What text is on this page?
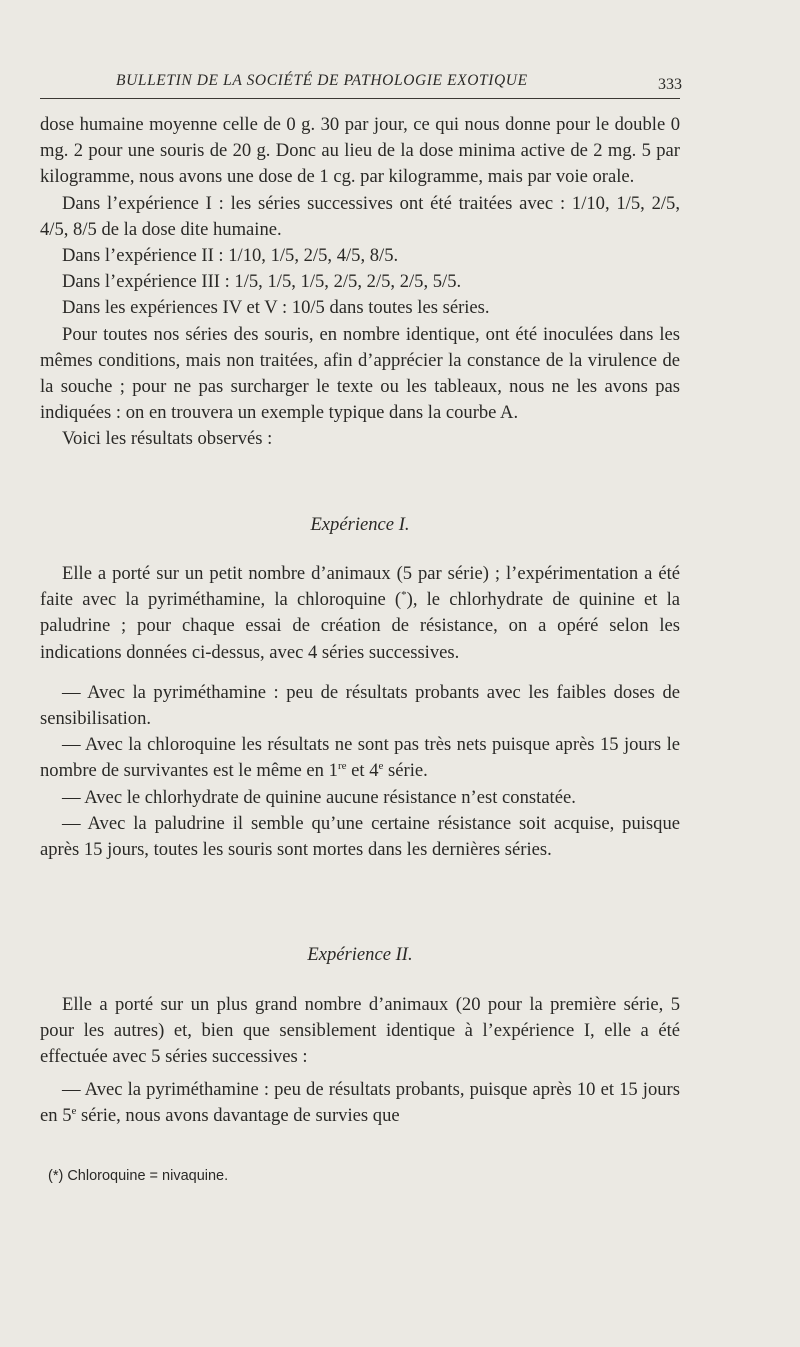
BULLETIN DE LA SOCIÉTÉ DE PATHOLOGIE EXOTIQUE	333

dose humaine moyenne celle de 0 g. 30 par jour, ce qui nous donne pour le double 0 mg. 2 pour une souris de 20 g. Donc au lieu de la dose minima active de 2 mg. 5 par kilogramme, nous avons une dose de 1 cg. par kilogramme, mais par voie orale.

Dans l’expérience I : les séries successives ont été traitées avec : 1/10, 1/5, 2/5, 4/5, 8/5 de la dose dite humaine.

Dans l’expérience II : 1/10, 1/5, 2/5, 4/5, 8/5.

Dans l’expérience III : 1/5, 1/5, 1/5, 2/5, 2/5, 2/5, 5/5.

Dans les expériences IV et V : 10/5 dans toutes les séries.

Pour toutes nos séries des souris, en nombre identique, ont été inoculées dans les mêmes conditions, mais non traitées, afin d’apprécier la constance de la virulence de la souche ; pour ne pas surcharger le texte ou les tableaux, nous ne les avons pas indiquées : on en trouvera un exemple typique dans la courbe A.

Voici les résultats observés :

Expérience I.

Elle a porté sur un petit nombre d’animaux (5 par série) ; l’expérimentation a été faite avec la pyriméthamine, la chloroquine (*), le chlorhydrate de quinine et la paludrine ; pour chaque essai de création de résistance, on a opéré selon les indications données ci-dessus, avec 4 séries successives.

— Avec la pyriméthamine : peu de résultats probants avec les faibles doses de sensibilisation.

— Avec la chloroquine les résultats ne sont pas très nets puisque après 15 jours le nombre de survivantes est le même en 1re et 4e série.

— Avec le chlorhydrate de quinine aucune résistance n’est constatée.

— Avec la paludrine il semble qu’une certaine résistance soit acquise, puisque après 15 jours, toutes les souris sont mortes dans les dernières séries.

Expérience II.

Elle a porté sur un plus grand nombre d’animaux (20 pour la première série, 5 pour les autres) et, bien que sensiblement identique à l’expérience I, elle a été effectuée avec 5 séries successives :

— Avec la pyriméthamine : peu de résultats probants, puisque après 10 et 15 jours en 5e série, nous avons davantage de survies que

(*) Chloroquine = nivaquine.
